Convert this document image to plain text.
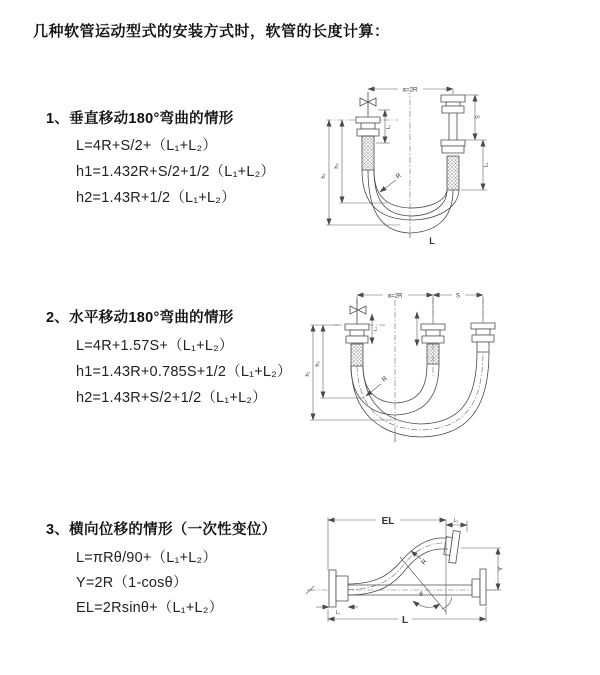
几种软管运动型式的安装方式时，软管的长度计算：
1、垂直移动180°弯曲的情形
L=4R+S/2+（L₁+L₂）
h1=1.432R+S/2+1/2（L₁+L₂）
h2=1.43R+1/2（L₁+L₂）
2、水平移动180°弯曲的情形
L=4R+1.57S+（L₁+L₂）
h1=1.43R+0.785S+1/2（L₁+L₂）
h2=1.43R+S/2+1/2（L₁+L₂）
3、横向位移的情形（一次性变位）
L=πRθ/90+（L₁+L₂）
Y=2R（1-cosθ）
EL=2Rsinθ+（L₁+L₂）
a=2R
h₁
h₂
L₁
S
L₂
R
L
a=2R	S
h₁
h₂
L₁
R
θ
EL	L₂
Y
R
L
L₁
